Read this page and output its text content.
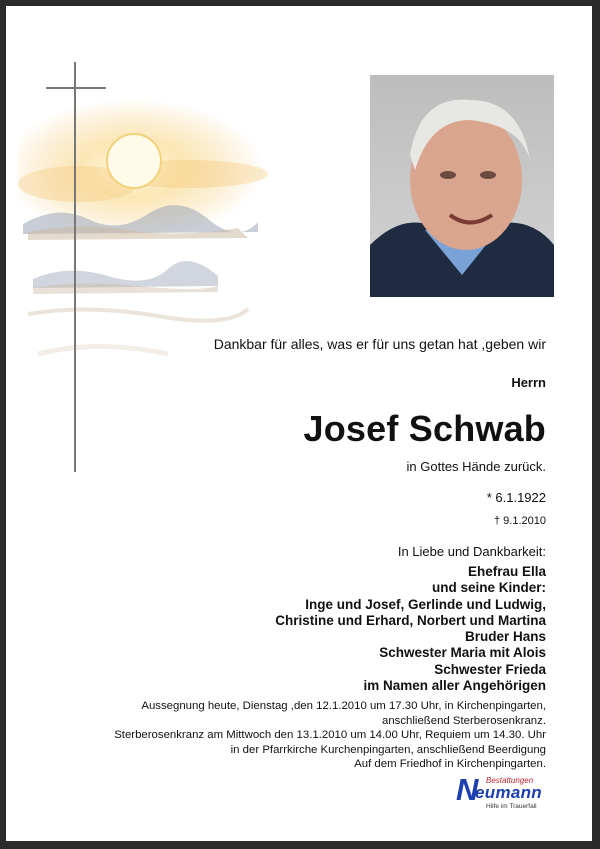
Dankbar für alles, was er für uns getan hat ,geben wir
Herrn
Josef Schwab
in Gottes Hände zurück.
* 6.1.1922
† 9.1.2010
In Liebe und Dankbarkeit:
Ehefrau Ella
und seine Kinder:
Inge und Josef, Gerlinde und Ludwig,
Christine und Erhard, Norbert und Martina
Bruder Hans
Schwester Maria mit Alois
Schwester Frieda
im Namen aller Angehörigen
Aussegnung heute, Dienstag ,den 12.1.2010 um 17.30 Uhr, in Kirchenpingarten,
anschließend Sterberosenkranz.
Sterberosenkranz am Mittwoch den 13.1.2010 um 14.00 Uhr, Requiem um 14.30. Uhr
in der Pfarrkirche Kurchenpingarten, anschließend Beerdigung
Auf dem Friedhof in Kirchenpingarten.
Bestattungen
N
eumann
Hilfe im Trauerfall
